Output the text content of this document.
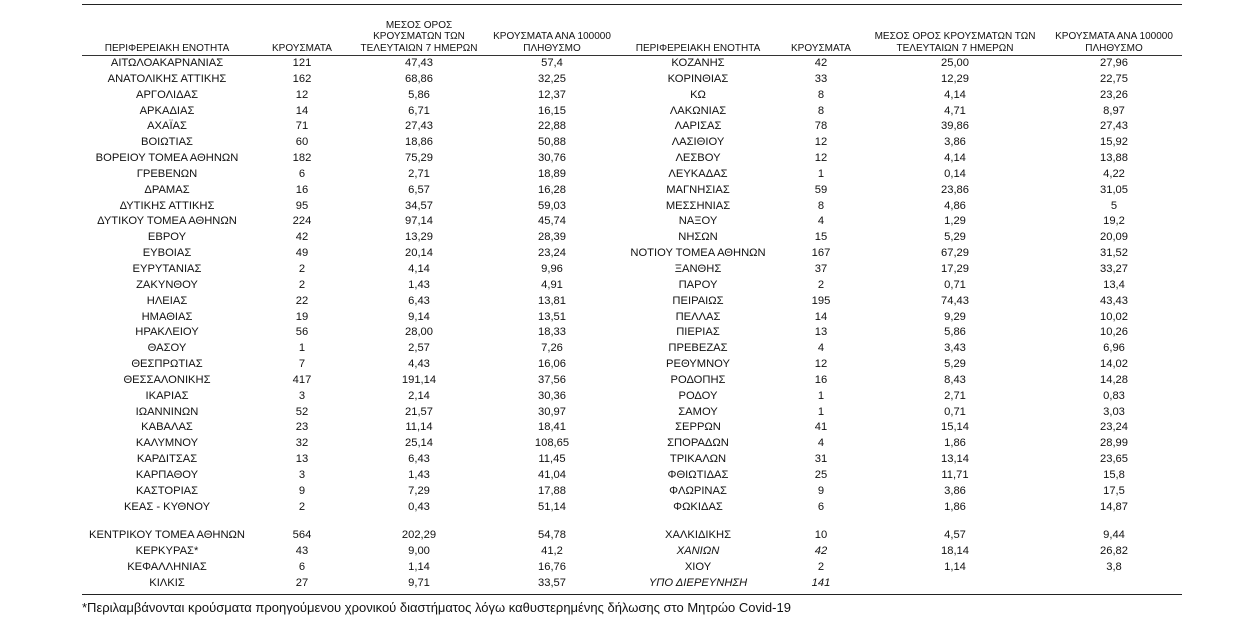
ΠΕΡΙΦΕΡΕΙΑΚΗ ΕΝΟΤΗΤΑ	ΚΡΟΥΣΜΑΤΑ	ΜΕΣΟΣ ΟΡΟΣ ΚΡΟΥΣΜΑΤΩΝ ΤΩΝ ΤΕΛΕΥΤΑΙΩΝ 7 ΗΜΕΡΩΝ	ΚΡΟΥΣΜΑΤΑ ΑΝΑ 100000 ΠΛΗΘΥΣΜΟ	ΠΕΡΙΦΕΡΕΙΑΚΗ ΕΝΟΤΗΤΑ	ΚΡΟΥΣΜΑΤΑ	ΜΕΣΟΣ ΟΡΟΣ ΚΡΟΥΣΜΑΤΩΝ ΤΩΝ ΤΕΛΕΥΤΑΙΩΝ 7 ΗΜΕΡΩΝ	ΚΡΟΥΣΜΑΤΑ ΑΝΑ 100000 ΠΛΗΘΥΣΜΟ
ΑΙΤΩΛΟΑΚΑΡΝΑΝΙΑΣ	121	47,43	57,4	ΚΟΖΑΝΗΣ	42	25,00	27,96
ΑΝΑΤΟΛΙΚΗΣ ΑΤΤΙΚΗΣ	162	68,86	32,25	ΚΟΡΙΝΘΙΑΣ	33	12,29	22,75
ΑΡΓΟΛΙΔΑΣ	12	5,86	12,37	ΚΩ	8	4,14	23,26
ΑΡΚΑΔΙΑΣ	14	6,71	16,15	ΛΑΚΩΝΙΑΣ	8	4,71	8,97
ΑΧΑΪΑΣ	71	27,43	22,88	ΛΑΡΙΣΑΣ	78	39,86	27,43
ΒΟΙΩΤΙΑΣ	60	18,86	50,88	ΛΑΣΙΘΙΟΥ	12	3,86	15,92
ΒΟΡΕΙΟΥ ΤΟΜΕΑ ΑΘΗΝΩΝ	182	75,29	30,76	ΛΕΣΒΟΥ	12	4,14	13,88
ΓΡΕΒΕΝΩΝ	6	2,71	18,89	ΛΕΥΚΑΔΑΣ	1	0,14	4,22
ΔΡΑΜΑΣ	16	6,57	16,28	ΜΑΓΝΗΣΙΑΣ	59	23,86	31,05
ΔΥΤΙΚΗΣ ΑΤΤΙΚΗΣ	95	34,57	59,03	ΜΕΣΣΗΝΙΑΣ	8	4,86	5
ΔΥΤΙΚΟΥ ΤΟΜΕΑ ΑΘΗΝΩΝ	224	97,14	45,74	ΝΑΞΟΥ	4	1,29	19,2
ΕΒΡΟΥ	42	13,29	28,39	ΝΗΣΩΝ	15	5,29	20,09
ΕΥΒΟΙΑΣ	49	20,14	23,24	ΝΟΤΙΟΥ ΤΟΜΕΑ ΑΘΗΝΩΝ	167	67,29	31,52
ΕΥΡΥΤΑΝΙΑΣ	2	4,14	9,96	ΞΑΝΘΗΣ	37	17,29	33,27
ΖΑΚΥΝΘΟΥ	2	1,43	4,91	ΠΑΡΟΥ	2	0,71	13,4
ΗΛΕΙΑΣ	22	6,43	13,81	ΠΕΙΡΑΙΩΣ	195	74,43	43,43
ΗΜΑΘΙΑΣ	19	9,14	13,51	ΠΕΛΛΑΣ	14	9,29	10,02
ΗΡΑΚΛΕΙΟΥ	56	28,00	18,33	ΠΙΕΡΙΑΣ	13	5,86	10,26
ΘΑΣΟΥ	1	2,57	7,26	ΠΡΕΒΕΖΑΣ	4	3,43	6,96
ΘΕΣΠΡΩΤΙΑΣ	7	4,43	16,06	ΡΕΘΥΜΝΟΥ	12	5,29	14,02
ΘΕΣΣΑΛΟΝΙΚΗΣ	417	191,14	37,56	ΡΟΔΟΠΗΣ	16	8,43	14,28
ΙΚΑΡΙΑΣ	3	2,14	30,36	ΡΟΔΟΥ	1	2,71	0,83
ΙΩΑΝΝΙΝΩΝ	52	21,57	30,97	ΣΑΜΟΥ	1	0,71	3,03
ΚΑΒΑΛΑΣ	23	11,14	18,41	ΣΕΡΡΩΝ	41	15,14	23,24
ΚΑΛΥΜΝΟΥ	32	25,14	108,65	ΣΠΟΡΑΔΩΝ	4	1,86	28,99
ΚΑΡΔΙΤΣΑΣ	13	6,43	11,45	ΤΡΙΚΑΛΩΝ	31	13,14	23,65
ΚΑΡΠΑΘΟΥ	3	1,43	41,04	ΦΘΙΩΤΙΔΑΣ	25	11,71	15,8
ΚΑΣΤΟΡΙΑΣ	9	7,29	17,88	ΦΛΩΡΙΝΑΣ	9	3,86	17,5
ΚΕΑΣ - ΚΥΘΝΟΥ	2	0,43	51,14	ΦΩΚΙΔΑΣ	6	1,86	14,87

ΚΕΝΤΡΙΚΟΥ ΤΟΜΕΑ ΑΘΗΝΩΝ	564	202,29	54,78	ΧΑΛΚΙΔΙΚΗΣ	10	4,57	9,44
ΚΕΡΚΥΡΑΣ*	43	9,00	41,2	ΧΑΝΙΩΝ	42	18,14	26,82
ΚΕΦΑΛΛΗΝΙΑΣ	6	1,14	16,76	ΧΙΟΥ	2	1,14	3,8
ΚΙΛΚΙΣ	27	9,71	33,57	ΥΠΟ ΔΙΕΡΕΥΝΗΣΗ	141		
*Περιλαμβάνονται κρούσματα προηγούμενου χρονικού διαστήματος λόγω καθυστερημένης δήλωσης στο Μητρώο Covid-19
